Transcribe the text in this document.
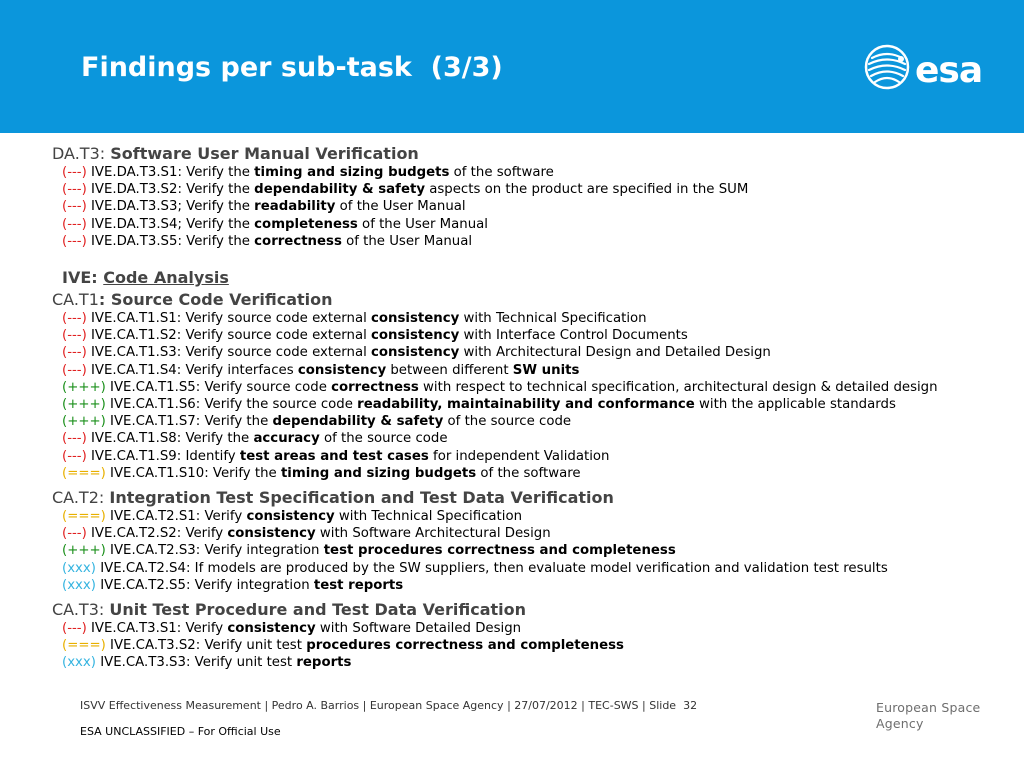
Findings per sub-task  (3/3)	esa
DA.T3: Software User Manual Verification
(---) IVE.DA.T3.S1: Verify the timing and sizing budgets of the software
(---) IVE.DA.T3.S2: Verify the dependability & safety aspects on the product are specified in the SUM
(---) IVE.DA.T3.S3; Verify the readability of the User Manual
(---) IVE.DA.T3.S4; Verify the completeness of the User Manual
(---) IVE.DA.T3.S5: Verify the correctness of the User Manual
IVE: Code Analysis
CA.T1: Source Code Verification
(---) IVE.CA.T1.S1: Verify source code external consistency with Technical Specification
(---) IVE.CA.T1.S2: Verify source code external consistency with Interface Control Documents
(---) IVE.CA.T1.S3: Verify source code external consistency with Architectural Design and Detailed Design
(---) IVE.CA.T1.S4: Verify interfaces consistency between different SW units
(+++) IVE.CA.T1.S5: Verify source code correctness with respect to technical specification, architectural design & detailed design
(+++) IVE.CA.T1.S6: Verify the source code readability, maintainability and conformance with the applicable standards
(+++) IVE.CA.T1.S7: Verify the dependability & safety of the source code
(---) IVE.CA.T1.S8: Verify the accuracy of the source code
(---) IVE.CA.T1.S9: Identify test areas and test cases for independent Validation
(===) IVE.CA.T1.S10: Verify the timing and sizing budgets of the software
CA.T2: Integration Test Specification and Test Data Verification
(===) IVE.CA.T2.S1: Verify consistency with Technical Specification
(---) IVE.CA.T2.S2: Verify consistency with Software Architectural Design
(+++) IVE.CA.T2.S3: Verify integration test procedures correctness and completeness
(xxx) IVE.CA.T2.S4: If models are produced by the SW suppliers, then evaluate model verification and validation test results
(xxx) IVE.CA.T2.S5: Verify integration test reports
CA.T3: Unit Test Procedure and Test Data Verification
(---) IVE.CA.T3.S1: Verify consistency with Software Detailed Design
(===) IVE.CA.T3.S2: Verify unit test procedures correctness and completeness
(xxx) IVE.CA.T3.S3: Verify unit test reports
ISVV Effectiveness Measurement | Pedro A. Barrios | European Space Agency | 27/07/2012 | TEC-SWS | Slide  32
ESA UNCLASSIFIED – For Official Use
European Space Agency
